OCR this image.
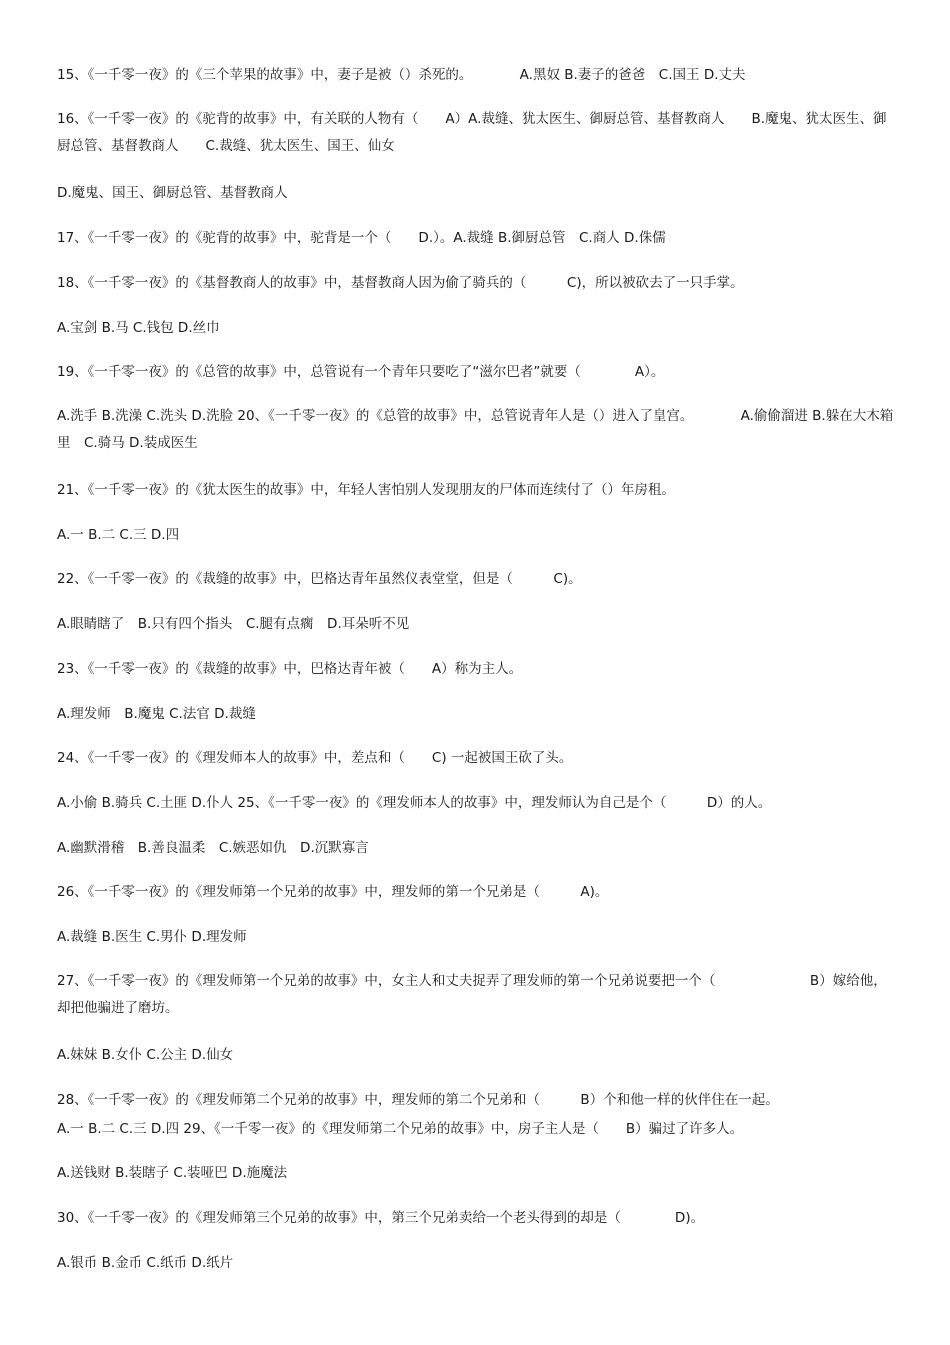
15、《一千零一夜》的《三个苹果的故事》中，妻子是被（）杀死的。　　　　A.黑奴 B.妻子的爸爸　C.国王 D.丈夫
16、《一千零一夜》的《驼背的故事》中，有关联的人物有（　　A）A.裁缝、犹太医生、御厨总管、基督教商人　　B.魔鬼、犹太医生、御厨总管、基督教商人　　C.裁缝、犹太医生、国王、仙女
D.魔鬼、国王、御厨总管、基督教商人
17、《一千零一夜》的《驼背的故事》中，驼背是一个（　　D.）。A.裁缝 B.御厨总管　C.商人 D.侏儒
18、《一千零一夜》的《基督教商人的故事》中，基督教商人因为偷了骑兵的（　　　C)，所以被砍去了一只手掌。
A.宝剑 B.马 C.钱包 D.丝巾
19、《一千零一夜》的《总管的故事》中，总管说有一个青年只要吃了“滋尔巴者”就要（　　　　A）。
A.洗手 B.洗澡 C.洗头 D.洗脸 20、《一千零一夜》的《总管的故事》中，总管说青年人是（）进入了皇宫。　　　　A.偷偷溜进 B.躲在大木箱里　C.骑马 D.装成医生
21、《一千零一夜》的《犹太医生的故事》中，年轻人害怕别人发现朋友的尸体而连续付了（）年房租。
A.一 B.二 C.三 D.四
22、《一千零一夜》的《裁缝的故事》中，巴格达青年虽然仪表堂堂，但是（　　　C)。
A.眼睛瞎了　B.只有四个指头　C.腿有点瘸　D.耳朵听不见
23、《一千零一夜》的《裁缝的故事》中，巴格达青年被（　　A）称为主人。
A.理发师　B.魔鬼 C.法官 D.裁缝
24、《一千零一夜》的《理发师本人的故事》中，差点和（　　C) 一起被国王砍了头。
A.小偷 B.骑兵 C.土匪 D.仆人 25、《一千零一夜》的《理发师本人的故事》中，理发师认为自己是个（　　　D）的人。
A.幽默滑稽　B.善良温柔　C.嫉恶如仇　D.沉默寡言
26、《一千零一夜》的《理发师第一个兄弟的故事》中，理发师的第一个兄弟是（　　　A)。
A.裁缝 B.医生 C.男仆 D.理发师
27、《一千零一夜》的《理发师第一个兄弟的故事》中，女主人和丈夫捉弄了理发师的第一个兄弟说要把一个（　　　　　　　B）嫁给他，却把他骗进了磨坊。
A.妹妹 B.女仆 C.公主 D.仙女
28、《一千零一夜》的《理发师第二个兄弟的故事》中，理发师的第二个兄弟和（　　　B）个和他一样的伙伴住在一起。
A.一 B.二 C.三 D.四 29、《一千零一夜》的《理发师第二个兄弟的故事》中，房子主人是（　　B）骗过了许多人。
A.送钱财 B.装瞎子 C.装哑巴 D.施魔法
30、《一千零一夜》的《理发师第三个兄弟的故事》中，第三个兄弟卖给一个老头得到的却是（　　　　D)。
A.银币 B.金币 C.纸币 D.纸片
